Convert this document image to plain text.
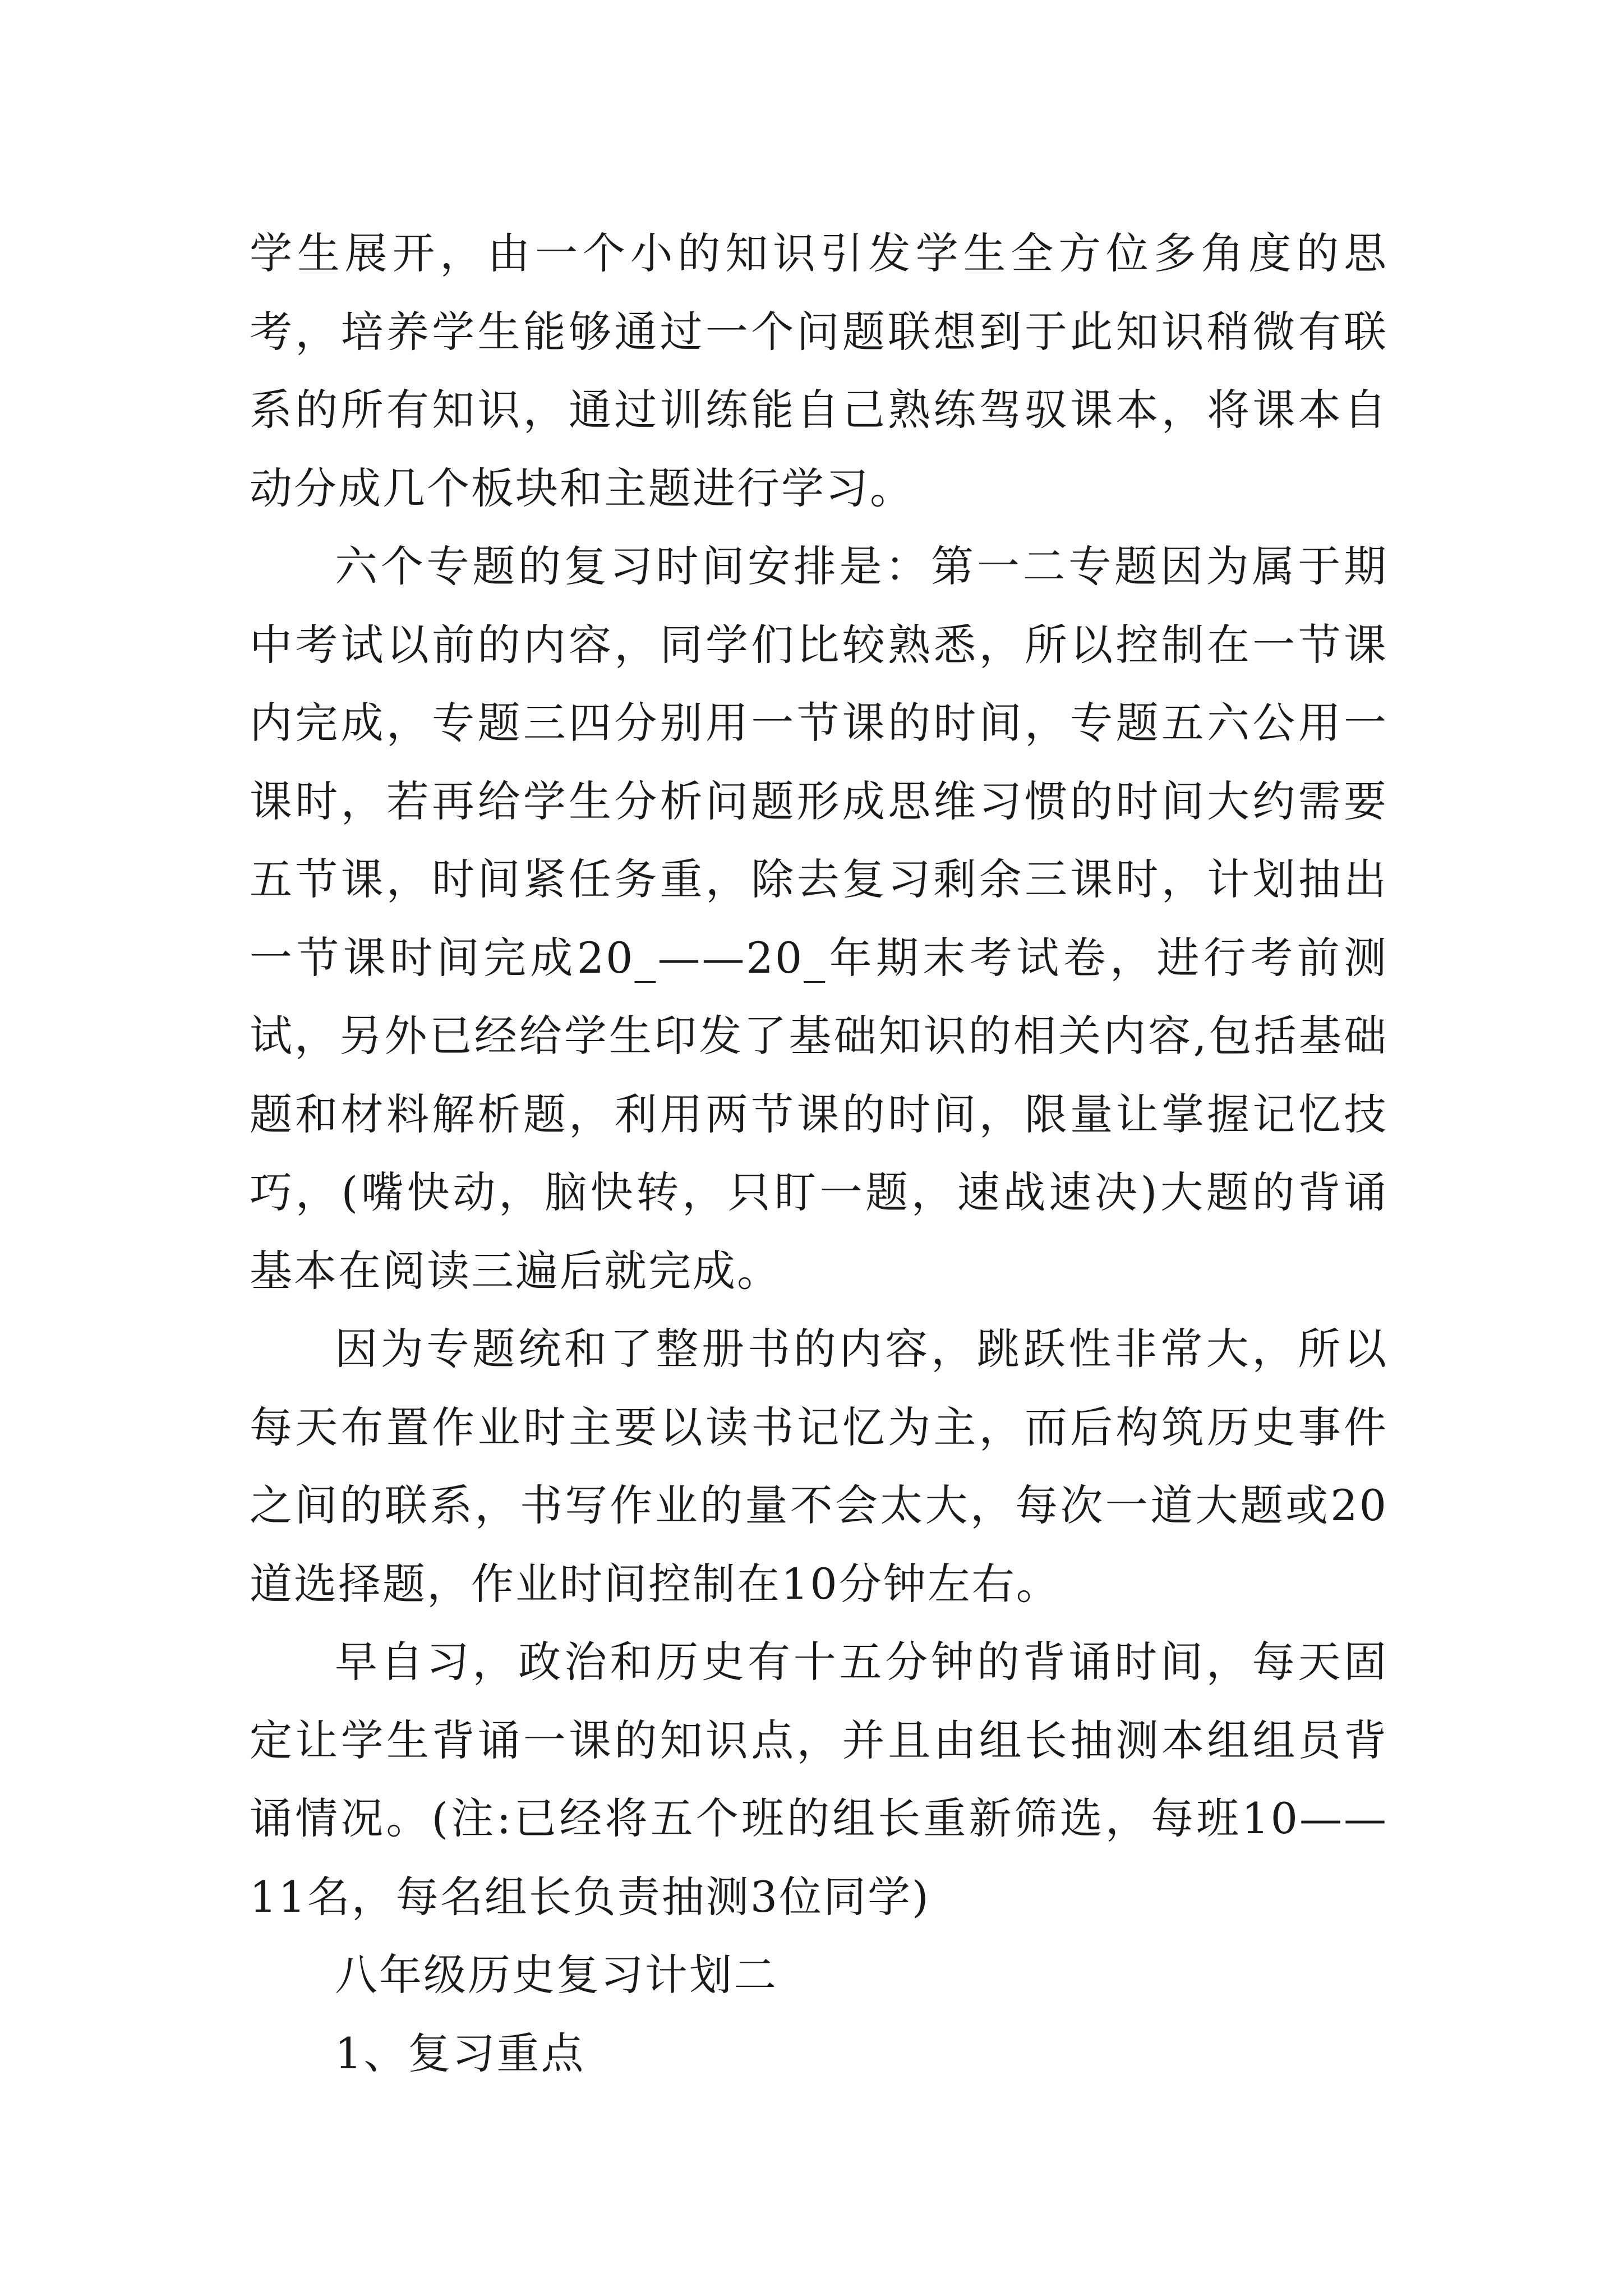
学生展开，由一个小的知识引发学生全方位多角度的思考，培养学生能够通过一个问题联想到于此知识稍微有联系的所有知识，通过训练能自己熟练驾驭课本，将课本自动分成几个板块和主题进行学习。

六个专题的复习时间安排是：第一二专题因为属于期中考试以前的内容，同学们比较熟悉，所以控制在一节课内完成，专题三四分别用一节课的时间，专题五六公用一课时，若再给学生分析问题形成思维习惯的时间大约需要五节课，时间紧任务重，除去复习剩余三课时，计划抽出一节课时间完成20_——20_年期末考试卷，进行考前测试，另外已经给学生印发了基础知识的相关内容,包括基础题和材料解析题，利用两节课的时间，限量让掌握记忆技巧，(嘴快动，脑快转，只盯一题，速战速决)大题的背诵基本在阅读三遍后就完成。

因为专题统和了整册书的内容，跳跃性非常大，所以每天布置作业时主要以读书记忆为主，而后构筑历史事件之间的联系，书写作业的量不会太大，每次一道大题或20道选择题，作业时间控制在10分钟左右。

早自习，政治和历史有十五分钟的背诵时间，每天固定让学生背诵一课的知识点，并且由组长抽测本组组员背诵情况。(注:已经将五个班的组长重新筛选，每班10——11名，每名组长负责抽测3位同学)

八年级历史复习计划二

1、复习重点
